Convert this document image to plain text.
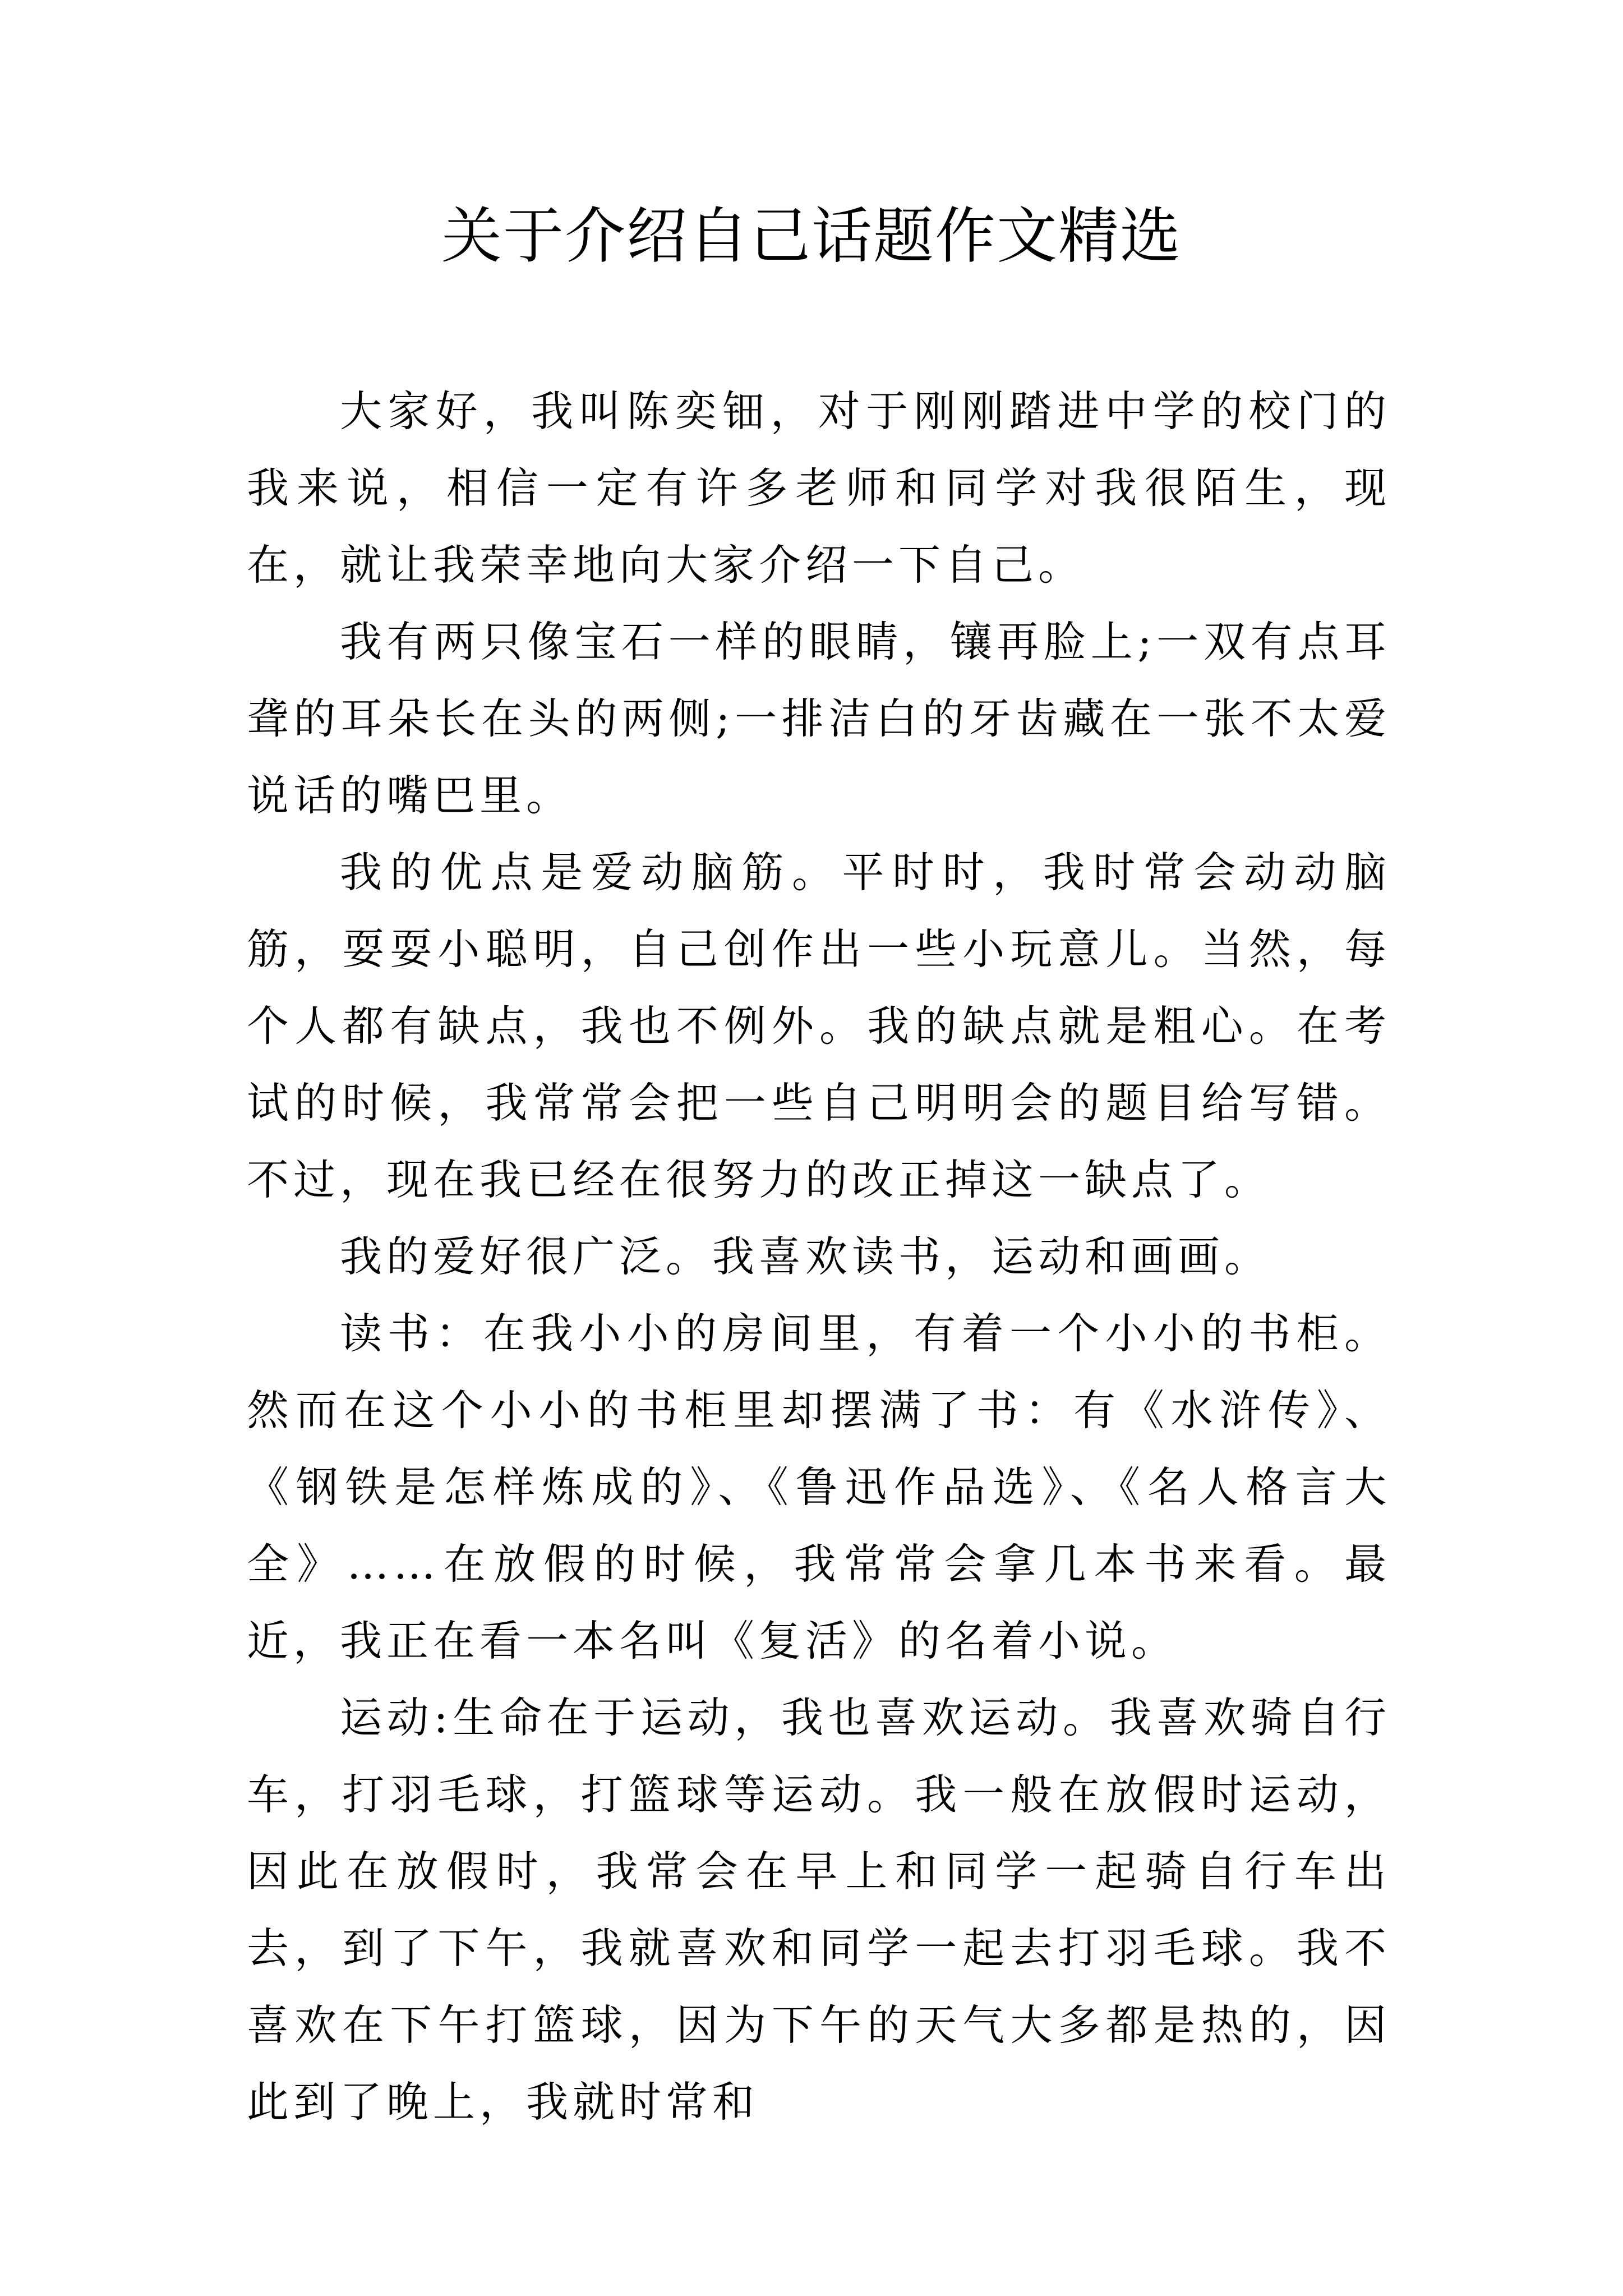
关于介绍自己话题作文精选

大家好，我叫陈奕钿，对于刚刚踏进中学的校门的我来说，相信一定有许多老师和同学对我很陌生，现在，就让我荣幸地向大家介绍一下自己。

我有两只像宝石一样的眼睛，镶再脸上;一双有点耳聋的耳朵长在头的两侧;一排洁白的牙齿藏在一张不太爱说话的嘴巴里。

我的优点是爱动脑筋。平时时，我时常会动动脑筋，耍耍小聪明，自己创作出一些小玩意儿。当然，每个人都有缺点，我也不例外。我的缺点就是粗心。在考试的时候，我常常会把一些自己明明会的题目给写错。不过，现在我已经在很努力的改正掉这一缺点了。

我的爱好很广泛。我喜欢读书，运动和画画。

读书：在我小小的房间里，有着一个小小的书柜。然而在这个小小的书柜里却摆满了书：有《水浒传》、《钢铁是怎样炼成的》、《鲁迅作品选》、《名人格言大全》……在放假的时候，我常常会拿几本书来看。最近，我正在看一本名叫《复活》的名着小说。

运动:生命在于运动，我也喜欢运动。我喜欢骑自行车，打羽毛球，打篮球等运动。我一般在放假时运动，因此在放假时，我常会在早上和同学一起骑自行车出去，到了下午，我就喜欢和同学一起去打羽毛球。我不喜欢在下午打篮球，因为下午的天气大多都是热的，因此到了晚上，我就时常和
